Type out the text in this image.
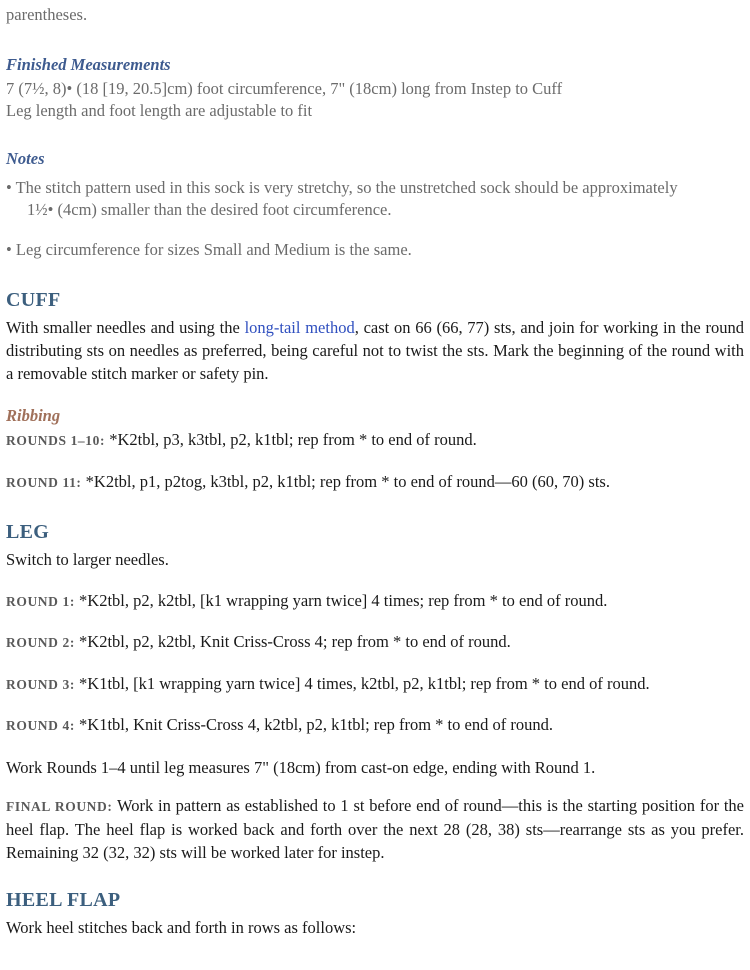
parentheses.
Finished Measurements
7 (7½, 8)• (18 [19, 20.5]cm) foot circumference, 7" (18cm) long from Instep to Cuff
Leg length and foot length are adjustable to fit
Notes
• The stitch pattern used in this sock is very stretchy, so the unstretched sock should be approximately
1½• (4cm) smaller than the desired foot circumference.
• Leg circumference for sizes Small and Medium is the same.
CUFF
With smaller needles and using the long-tail method, cast on 66 (66, 77) sts, and join for working in the round distributing sts on needles as preferred, being careful not to twist the sts. Mark the beginning of the round with a removable stitch marker or safety pin.
Ribbing
ROUNDS 1–10: *K2tbl, p3, k3tbl, p2, k1tbl; rep from * to end of round.
ROUND 11: *K2tbl, p1, p2tog, k3tbl, p2, k1tbl; rep from * to end of round—60 (60, 70) sts.
LEG
Switch to larger needles.
ROUND 1: *K2tbl, p2, k2tbl, [k1 wrapping yarn twice] 4 times; rep from * to end of round.
ROUND 2: *K2tbl, p2, k2tbl, Knit Criss-Cross 4; rep from * to end of round.
ROUND 3: *K1tbl, [k1 wrapping yarn twice] 4 times, k2tbl, p2, k1tbl; rep from * to end of round.
ROUND 4: *K1tbl, Knit Criss-Cross 4, k2tbl, p2, k1tbl; rep from * to end of round.
Work Rounds 1–4 until leg measures 7" (18cm) from cast-on edge, ending with Round 1.
FINAL ROUND: Work in pattern as established to 1 st before end of round—this is the starting position for the heel flap. The heel flap is worked back and forth over the next 28 (28, 38) sts—rearrange sts as you prefer. Remaining 32 (32, 32) sts will be worked later for instep.
HEEL FLAP
Work heel stitches back and forth in rows as follows:
